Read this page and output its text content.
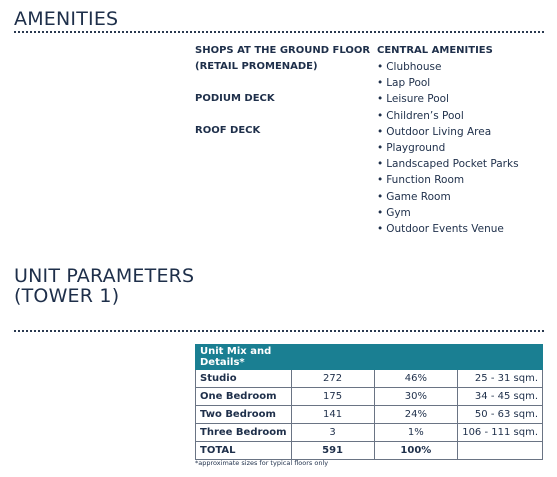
AMENITIES
SHOPS AT THE GROUND FLOOR
(RETAIL PROMENADE)
PODIUM DECK
ROOF DECK
CENTRAL AMENITIES
• Clubhouse
• Lap Pool
• Leisure Pool
• Children’s Pool
• Outdoor Living Area
• Playground
• Landscaped Pocket Parks
• Function Room
• Game Room
• Gym
• Outdoor Events Venue
UNIT PARAMETERS (TOWER 1)
Unit Mix and Details*			
Studio	272	46%	25 - 31 sqm.
One Bedroom	175	30%	34 - 45 sqm.
Two Bedroom	141	24%	50 - 63 sqm.
Three Bedroom	3	1%	106 - 111 sqm.
TOTAL	591	100%	
*approximate sizes for typical floors only
